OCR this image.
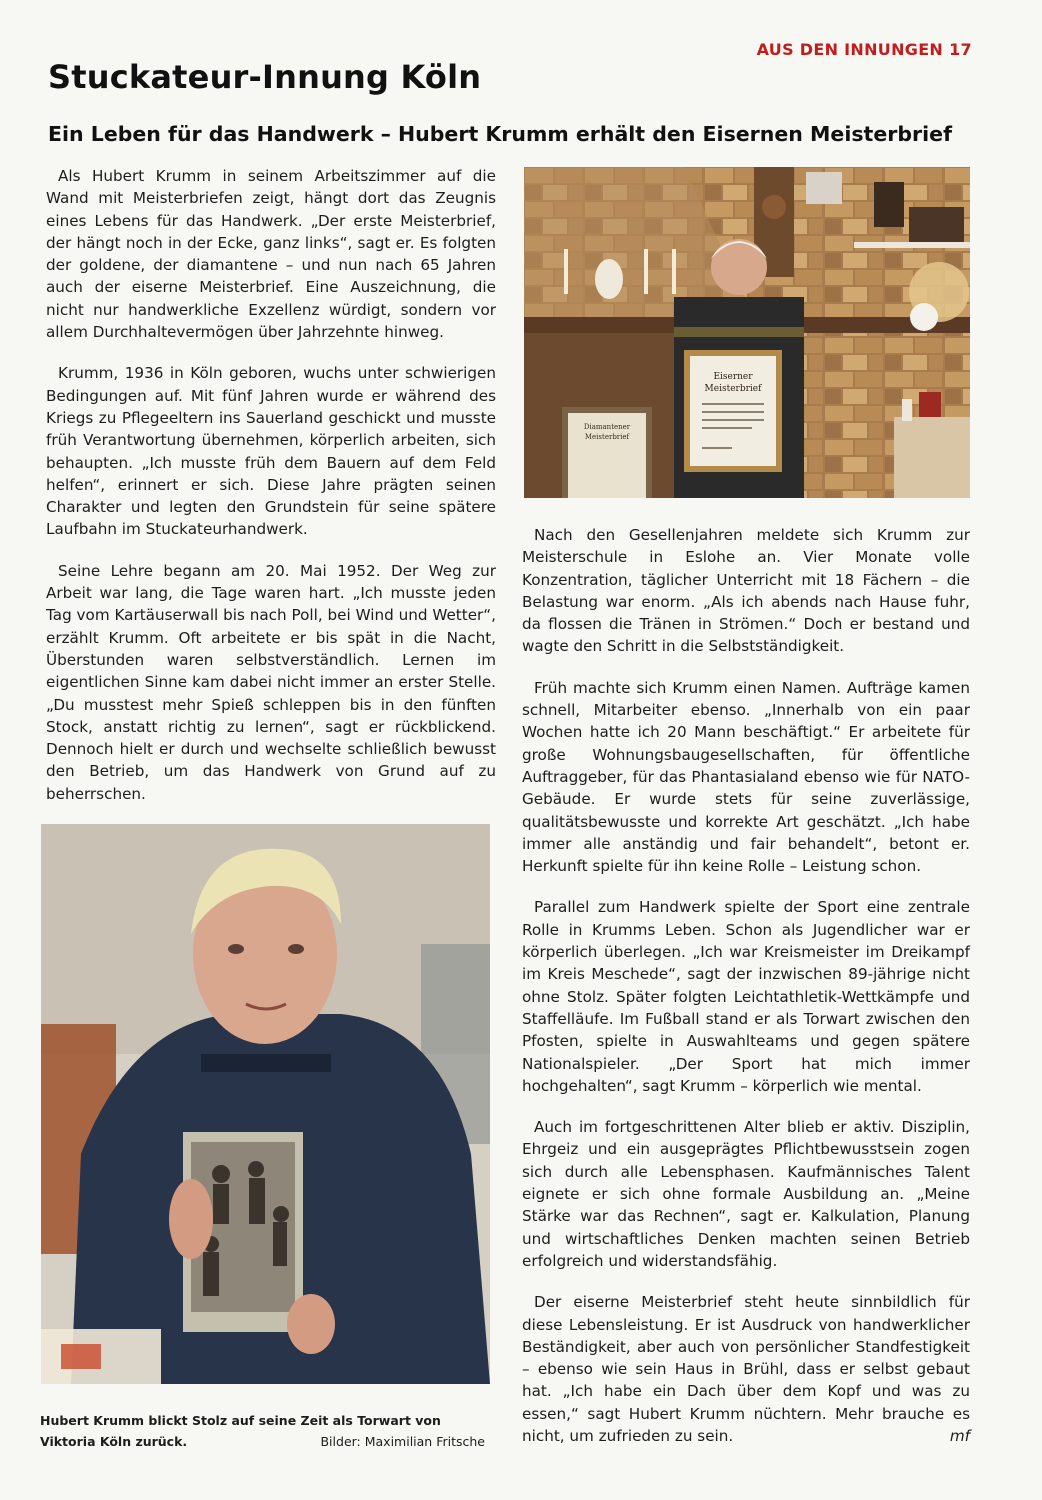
AUS DEN INNUNGEN 17
Stuckateur-Innung Köln
Ein Leben für das Handwerk – Hubert Krumm erhält den Eisernen Meisterbrief

Als Hubert Krumm in seinem Arbeitszimmer auf die Wand mit Meisterbriefen zeigt, hängt dort das Zeugnis eines Lebens für das Handwerk. „Der erste Meisterbrief, der hängt noch in der Ecke, ganz links“, sagt er. Es folgten der goldene, der diamantene – und nun nach 65 Jahren auch der eiserne Meisterbrief. Eine Auszeichnung, die nicht nur handwerkliche Exzellenz würdigt, sondern vor allem Durchhaltevermögen über Jahrzehnte hinweg.

Krumm, 1936 in Köln geboren, wuchs unter schwierigen Bedingungen auf. Mit fünf Jahren wurde er während des Kriegs zu Pflegeeltern ins Sauerland geschickt und musste früh Verantwortung übernehmen, körperlich arbeiten, sich behaupten. „Ich musste früh dem Bauern auf dem Feld helfen“, erinnert er sich. Diese Jahre prägten seinen Charakter und legten den Grundstein für seine spätere Laufbahn im Stuckateurhandwerk.

Seine Lehre begann am 20. Mai 1952. Der Weg zur Arbeit war lang, die Tage waren hart. „Ich musste jeden Tag vom Kartäuserwall bis nach Poll, bei Wind und Wetter“, erzählt Krumm. Oft arbeitete er bis spät in die Nacht, Überstunden waren selbstverständlich. Lernen im eigentlichen Sinne kam dabei nicht immer an erster Stelle. „Du musstest mehr Spieß schleppen bis in den fünften Stock, anstatt richtig zu lernen“, sagt er rückblickend. Dennoch hielt er durch und wechselte schließlich bewusst den Betrieb, um das Handwerk von Grund auf zu beherrschen.

Diamantener
Meisterbrief
Eiserner
Meisterbrief

Nach den Gesellenjahren meldete sich Krumm zur Meisterschule in Eslohe an. Vier Monate volle Konzentration, täglicher Unterricht mit 18 Fächern – die Belastung war enorm. „Als ich abends nach Hause fuhr, da flossen die Tränen in Strömen.“ Doch er bestand und wagte den Schritt in die Selbstständigkeit.

Früh machte sich Krumm einen Namen. Aufträge kamen schnell, Mitarbeiter ebenso. „Innerhalb von ein paar Wochen hatte ich 20 Mann beschäftigt.“ Er arbeitete für große Wohnungsbaugesellschaften, für öffentliche Auftraggeber, für das Phantasialand ebenso wie für NATO-Gebäude. Er wurde stets für seine zuverlässige, qualitätsbewusste und korrekte Art geschätzt. „Ich habe immer alle anständig und fair behandelt“, betont er. Herkunft spielte für ihn keine Rolle – Leistung schon.

Parallel zum Handwerk spielte der Sport eine zentrale Rolle in Krumms Leben. Schon als Jugendlicher war er körperlich überlegen. „Ich war Kreismeister im Dreikampf im Kreis Meschede“, sagt der inzwischen 89-jährige nicht ohne Stolz. Später folgten Leichtathletik-Wettkämpfe und Staffelläufe. Im Fußball stand er als Torwart zwischen den Pfosten, spielte in Auswahlteams und gegen spätere Nationalspieler. „Der Sport hat mich immer hochgehalten“, sagt Krumm – körperlich wie mental.

Auch im fortgeschrittenen Alter blieb er aktiv. Disziplin, Ehrgeiz und ein ausgeprägtes Pflichtbewusstsein zogen sich durch alle Lebensphasen. Kaufmännisches Talent eignete er sich ohne formale Ausbildung an. „Meine Stärke war das Rechnen“, sagt er. Kalkulation, Planung und wirtschaftliches Denken machten seinen Betrieb erfolgreich und widerstandsfähig.

Der eiserne Meisterbrief steht heute sinnbildlich für diese Lebensleistung. Er ist Ausdruck von handwerklicher Beständigkeit, aber auch von persönlicher Standfestigkeit – ebenso wie sein Haus in Brühl, dass er selbst gebaut hat. „Ich habe ein Dach über dem Kopf und was zu essen,“ sagt Hubert Krumm nüchtern. Mehr brauche es nicht, um zufrieden zu sein.	mf

Hubert Krumm blickt Stolz auf seine Zeit als Torwart von Viktoria Köln zurück.	Bilder: Maximilian Fritsche
